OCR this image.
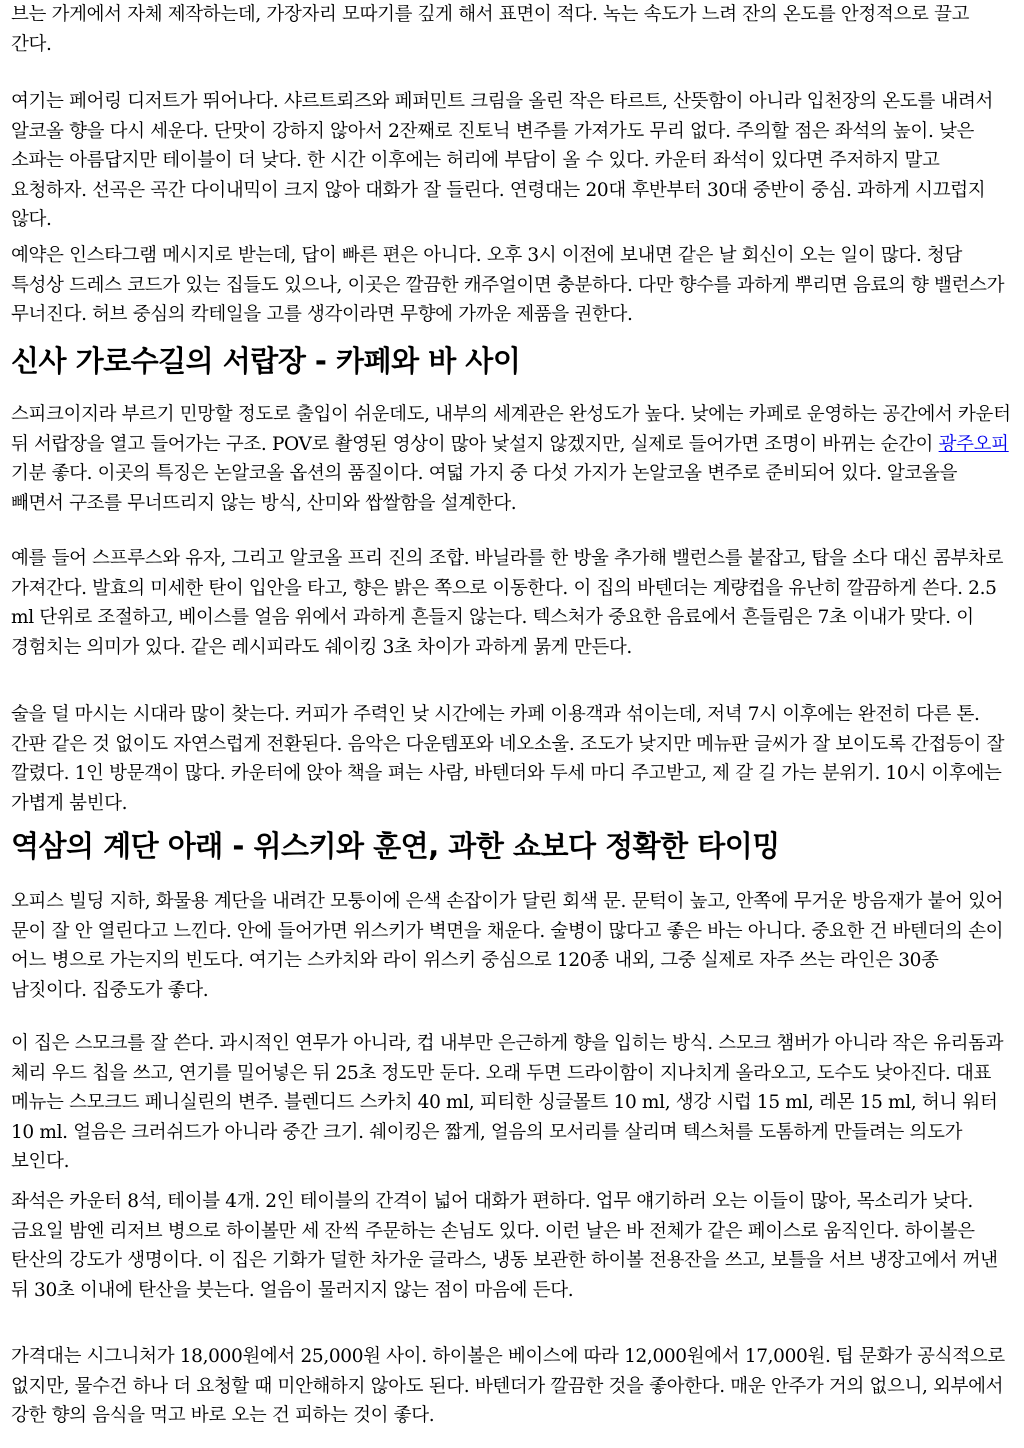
브는 가게에서 자체 제작하는데, 가장자리 모따기를 깊게 해서 표면이 적다. 녹는 속도가 느려 잔의 온도를 안정적으로 끌고 간다.

여기는 페어링 디저트가 뛰어나다. 샤르트뢰즈와 페퍼민트 크림을 올린 작은 타르트, 산뜻함이 아니라 입천장의 온도를 내려서 알코올 향을 다시 세운다. 단맛이 강하지 않아서 2잔째로 진토닉 변주를 가져가도 무리 없다. 주의할 점은 좌석의 높이. 낮은 소파는 아름답지만 테이블이 더 낮다. 한 시간 이후에는 허리에 부담이 올 수 있다. 카운터 좌석이 있다면 주저하지 말고 요청하자. 선곡은 곡간 다이내믹이 크지 않아 대화가 잘 들린다. 연령대는 20대 후반부터 30대 중반이 중심. 과하게 시끄럽지 않다.

예약은 인스타그램 메시지로 받는데, 답이 빠른 편은 아니다. 오후 3시 이전에 보내면 같은 날 회신이 오는 일이 많다. 청담 특성상 드레스 코드가 있는 집들도 있으나, 이곳은 깔끔한 캐주얼이면 충분하다. 다만 향수를 과하게 뿌리면 음료의 향 밸런스가 무너진다. 허브 중심의 칵테일을 고를 생각이라면 무향에 가까운 제품을 권한다.

신사 가로수길의 서랍장 - 카페와 바 사이

스피크이지라 부르기 민망할 정도로 출입이 쉬운데도, 내부의 세계관은 완성도가 높다. 낮에는 카페로 운영하는 공간에서 카운터 뒤 서랍장을 열고 들어가는 구조. POV로 촬영된 영상이 많아 낯설지 않겠지만, 실제로 들어가면 조명이 바뀌는 순간이 광주오피 기분 좋다. 이곳의 특징은 논알코올 옵션의 품질이다. 여덟 가지 중 다섯 가지가 논알코올 변주로 준비되어 있다. 알코올을 빼면서 구조를 무너뜨리지 않는 방식, 산미와 쌉쌀함을 설계한다.

예를 들어 스프루스와 유자, 그리고 알코올 프리 진의 조합. 바닐라를 한 방울 추가해 밸런스를 붙잡고, 탑을 소다 대신 콤부차로 가져간다. 발효의 미세한 탄이 입안을 타고, 향은 밝은 쪽으로 이동한다. 이 집의 바텐더는 계량컵을 유난히 깔끔하게 쓴다. 2.5 ml 단위로 조절하고, 베이스를 얼음 위에서 과하게 흔들지 않는다. 텍스처가 중요한 음료에서 흔들림은 7초 이내가 맞다. 이 경험치는 의미가 있다. 같은 레시피라도 쉐이킹 3초 차이가 과하게 묽게 만든다.

술을 덜 마시는 시대라 많이 찾는다. 커피가 주력인 낮 시간에는 카페 이용객과 섞이는데, 저녁 7시 이후에는 완전히 다른 톤. 간판 같은 것 없이도 자연스럽게 전환된다. 음악은 다운템포와 네오소울. 조도가 낮지만 메뉴판 글씨가 잘 보이도록 간접등이 잘 깔렸다. 1인 방문객이 많다. 카운터에 앉아 책을 펴는 사람, 바텐더와 두세 마디 주고받고, 제 갈 길 가는 분위기. 10시 이후에는 가볍게 붐빈다.

역삼의 계단 아래 - 위스키와 훈연, 과한 쇼보다 정확한 타이밍

오피스 빌딩 지하, 화물용 계단을 내려간 모퉁이에 은색 손잡이가 달린 회색 문. 문턱이 높고, 안쪽에 무거운 방음재가 붙어 있어 문이 잘 안 열린다고 느낀다. 안에 들어가면 위스키가 벽면을 채운다. 술병이 많다고 좋은 바는 아니다. 중요한 건 바텐더의 손이 어느 병으로 가는지의 빈도다. 여기는 스카치와 라이 위스키 중심으로 120종 내외, 그중 실제로 자주 쓰는 라인은 30종 남짓이다. 집중도가 좋다.

이 집은 스모크를 잘 쓴다. 과시적인 연무가 아니라, 컵 내부만 은근하게 향을 입히는 방식. 스모크 챔버가 아니라 작은 유리돔과 체리 우드 칩을 쓰고, 연기를 밀어넣은 뒤 25초 정도만 둔다. 오래 두면 드라이함이 지나치게 올라오고, 도수도 낮아진다. 대표 메뉴는 스모크드 페니실린의 변주. 블렌디드 스카치 40 ml, 피티한 싱글몰트 10 ml, 생강 시럽 15 ml, 레몬 15 ml, 허니 워터 10 ml. 얼음은 크러쉬드가 아니라 중간 크기. 쉐이킹은 짧게, 얼음의 모서리를 살리며 텍스처를 도톰하게 만들려는 의도가 보인다.

좌석은 카운터 8석, 테이블 4개. 2인 테이블의 간격이 넓어 대화가 편하다. 업무 얘기하러 오는 이들이 많아, 목소리가 낮다. 금요일 밤엔 리저브 병으로 하이볼만 세 잔씩 주문하는 손님도 있다. 이런 날은 바 전체가 같은 페이스로 움직인다. 하이볼은 탄산의 강도가 생명이다. 이 집은 기화가 덜한 차가운 글라스, 냉동 보관한 하이볼 전용잔을 쓰고, 보틀을 서브 냉장고에서 꺼낸 뒤 30초 이내에 탄산을 붓는다. 얼음이 물러지지 않는 점이 마음에 든다.

가격대는 시그니처가 18,000원에서 25,000원 사이. 하이볼은 베이스에 따라 12,000원에서 17,000원. 팁 문화가 공식적으로 없지만, 물수건 하나 더 요청할 때 미안해하지 않아도 된다. 바텐더가 깔끔한 것을 좋아한다. 매운 안주가 거의 없으니, 외부에서 강한 향의 음식을 먹고 바로 오는 건 피하는 것이 좋다.
